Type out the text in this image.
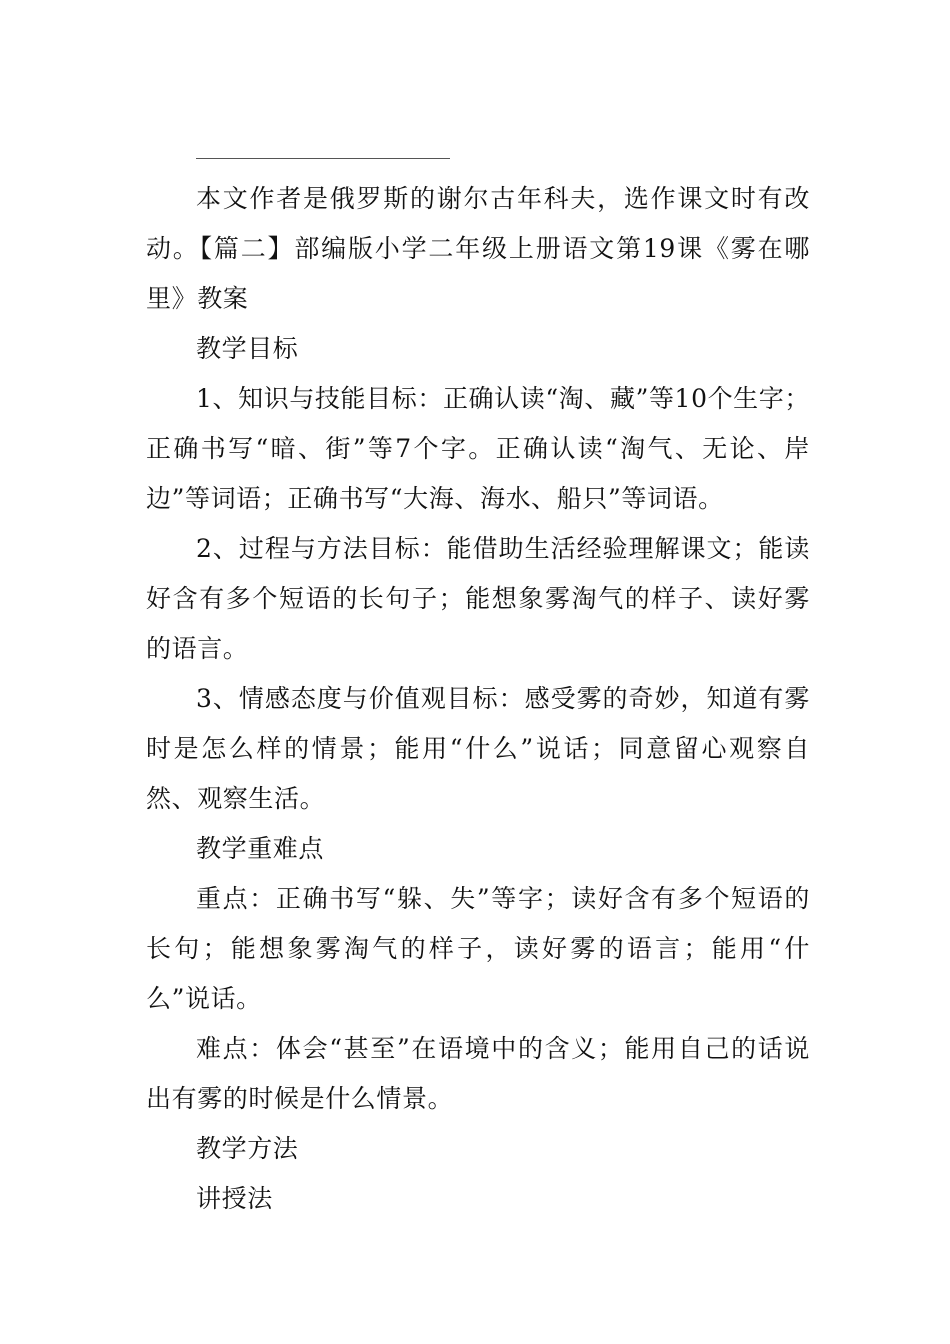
本文作者是俄罗斯的谢尔古年科夫，选作课文时有改动。【篇二】部编版小学二年级上册语文第19课《雾在哪里》教案

教学目标

1、知识与技能目标：正确认读“淘、藏”等10个生字；正确书写“暗、街”等7个字。正确认读“淘气、无论、岸边”等词语；正确书写“大海、海水、船只”等词语。

2、过程与方法目标：能借助生活经验理解课文；能读好含有多个短语的长句子；能想象雾淘气的样子、读好雾的语言。

3、情感态度与价值观目标：感受雾的奇妙，知道有雾时是怎么样的情景；能用“什么”说话；同意留心观察自然、观察生活。

教学重难点

重点：正确书写“躲、失”等字；读好含有多个短语的长句；能想象雾淘气的样子，读好雾的语言；能用“什么”说话。

难点：体会“甚至”在语境中的含义；能用自己的话说出有雾的时候是什么情景。

教学方法

讲授法
